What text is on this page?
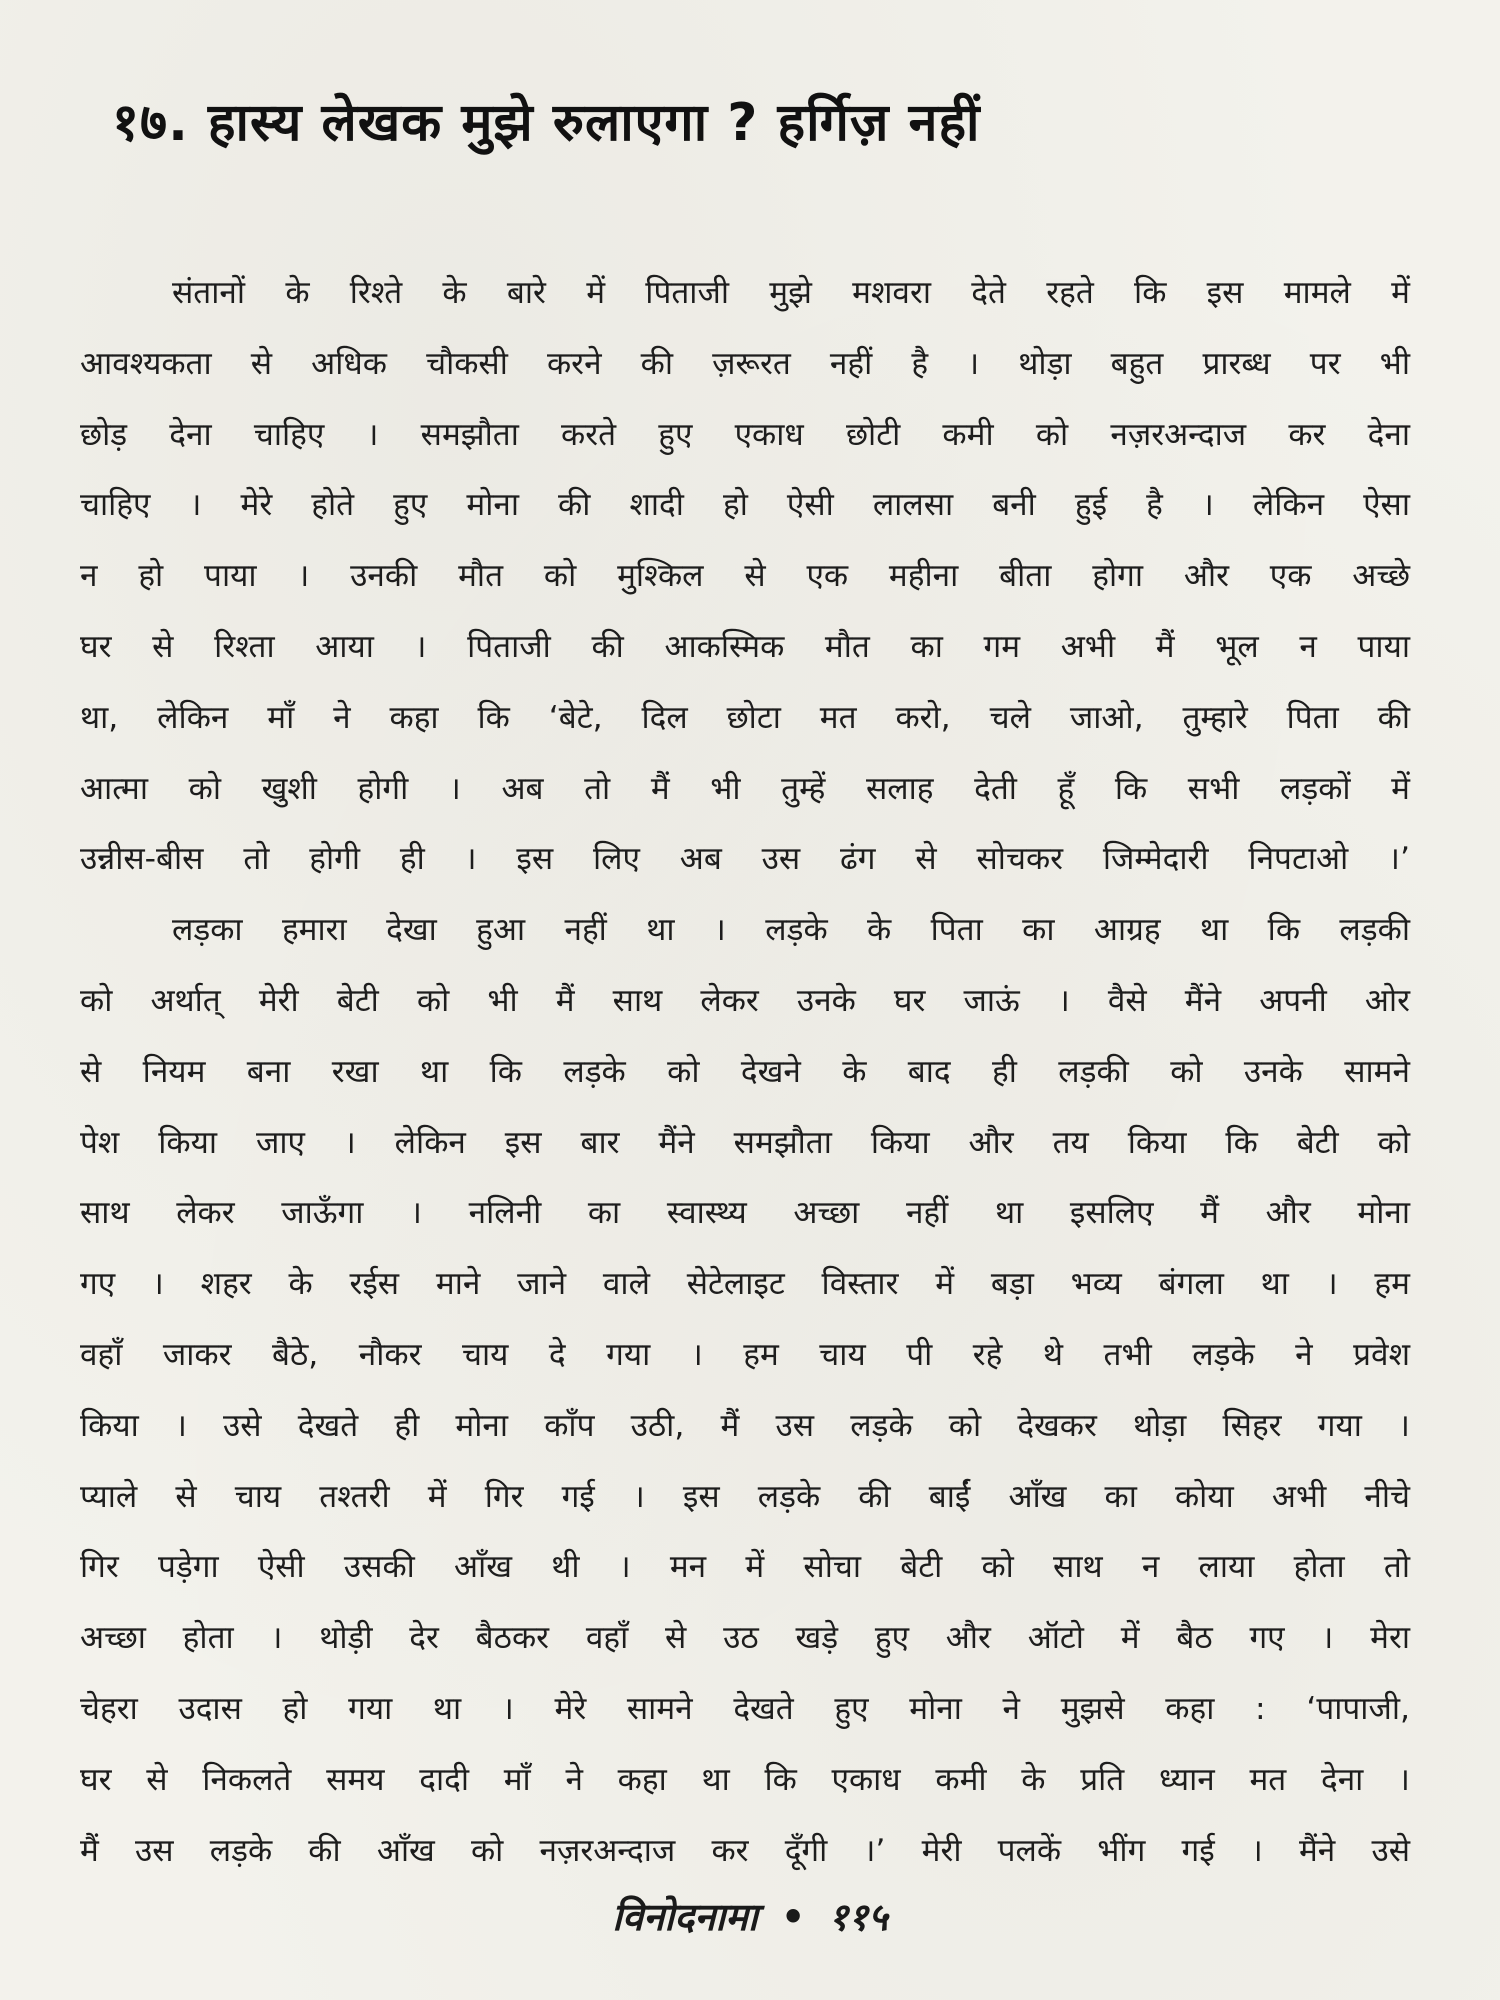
१७. हास्य लेखक मुझे रुलाएगा ? हर्गिज़ नहीं
संतानों के रिश्ते के बारे में पिताजी मुझे मशवरा देते रहते कि इस मामले में
आवश्यकता से अधिक चौकसी करने की ज़रूरत नहीं है । थोड़ा बहुत प्रारब्ध पर भी
छोड़ देना चाहिए । समझौता करते हुए एकाध छोटी कमी को नज़रअन्दाज कर देना
चाहिए । मेरे होते हुए मोना की शादी हो ऐसी लालसा बनी हुई है । लेकिन ऐसा
न हो पाया । उनकी मौत को मुश्किल से एक महीना बीता होगा और एक अच्छे
घर से रिश्ता आया । पिताजी की आकस्मिक मौत का गम अभी मैं भूल न पाया
था, लेकिन माँ ने कहा कि ‘बेटे, दिल छोटा मत करो, चले जाओ, तुम्हारे पिता की
आत्मा को खुशी होगी । अब तो मैं भी तुम्हें सलाह देती हूँ कि सभी लड़कों में
उन्नीस-बीस तो होगी ही । इस लिए अब उस ढंग से सोचकर जिम्मेदारी निपटाओ ।’
लड़का हमारा देखा हुआ नहीं था । लड़के के पिता का आग्रह था कि लड़की
को अर्थात् मेरी बेटी को भी मैं साथ लेकर उनके घर जाऊं । वैसे मैंने अपनी ओर
से नियम बना रखा था कि लड़के को देखने के बाद ही लड़की को उनके सामने
पेश किया जाए । लेकिन इस बार मैंने समझौता किया और तय किया कि बेटी को
साथ लेकर जाऊँगा । नलिनी का स्वास्थ्य अच्छा नहीं था इसलिए मैं और मोना
गए । शहर के रईस माने जाने वाले सेटेलाइट विस्तार में बड़ा भव्य बंगला था । हम
वहाँ जाकर बैठे, नौकर चाय दे गया । हम चाय पी रहे थे तभी लड़के ने प्रवेश
किया । उसे देखते ही मोना काँप उठी, मैं उस लड़के को देखकर थोड़ा सिहर गया ।
प्याले से चाय तश्तरी में गिर गई । इस लड़के की बाईं आँख का कोया अभी नीचे
गिर पड़ेगा ऐसी उसकी आँख थी । मन में सोचा बेटी को साथ न लाया होता तो
अच्छा होता । थोड़ी देर बैठकर वहाँ से उठ खड़े हुए और ऑटो में बैठ गए । मेरा
चेहरा उदास हो गया था । मेरे सामने देखते हुए मोना ने मुझसे कहा : ‘पापाजी,
घर से निकलते समय दादी माँ ने कहा था कि एकाध कमी के प्रति ध्यान मत देना ।
मैं उस लड़के की आँख को नज़रअन्दाज कर दूँगी ।’ मेरी पलकें भींग गई । मैंने उसे
विनोदनामा • ११५
